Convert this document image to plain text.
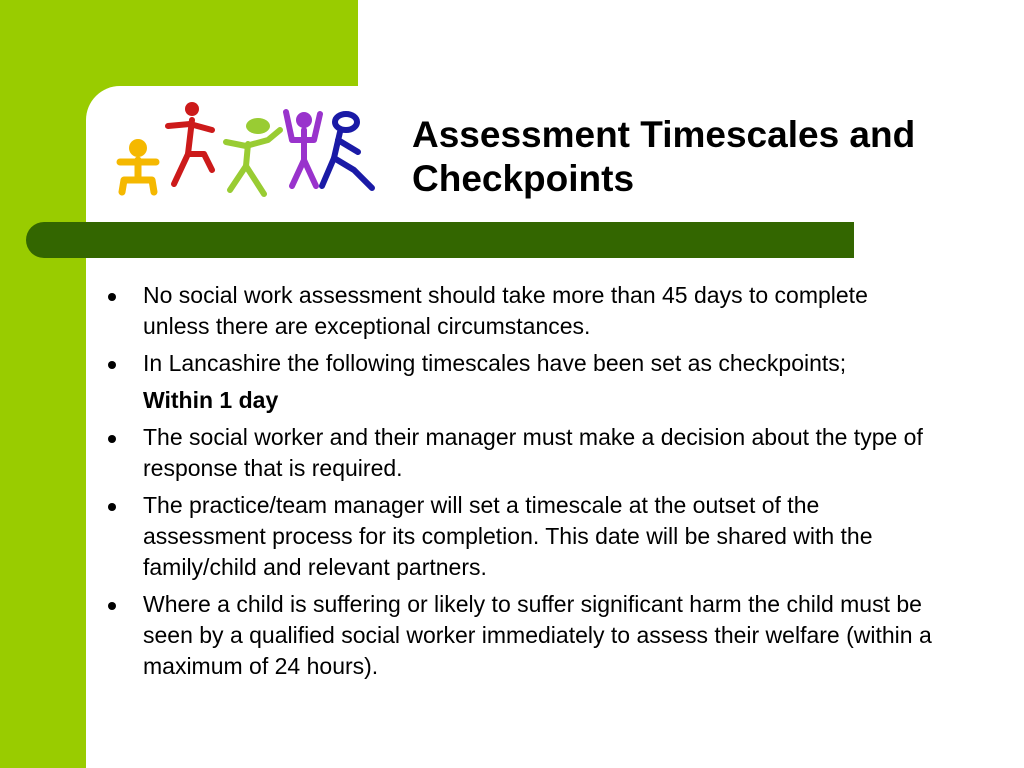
Assessment Timescales and Checkpoints
No social work assessment should take more than 45 days to complete unless there are exceptional circumstances.
In Lancashire the following timescales have been set as checkpoints;
Within 1 day
The social worker and their manager must make a decision about the type of response that is required.
The practice/team manager will set a timescale at the outset of the assessment process for its completion. This date will be shared with the family/child and relevant partners.
Where a child is suffering or likely to suffer significant harm the child must be seen by a qualified social worker immediately to assess their welfare (within a maximum of 24 hours).
